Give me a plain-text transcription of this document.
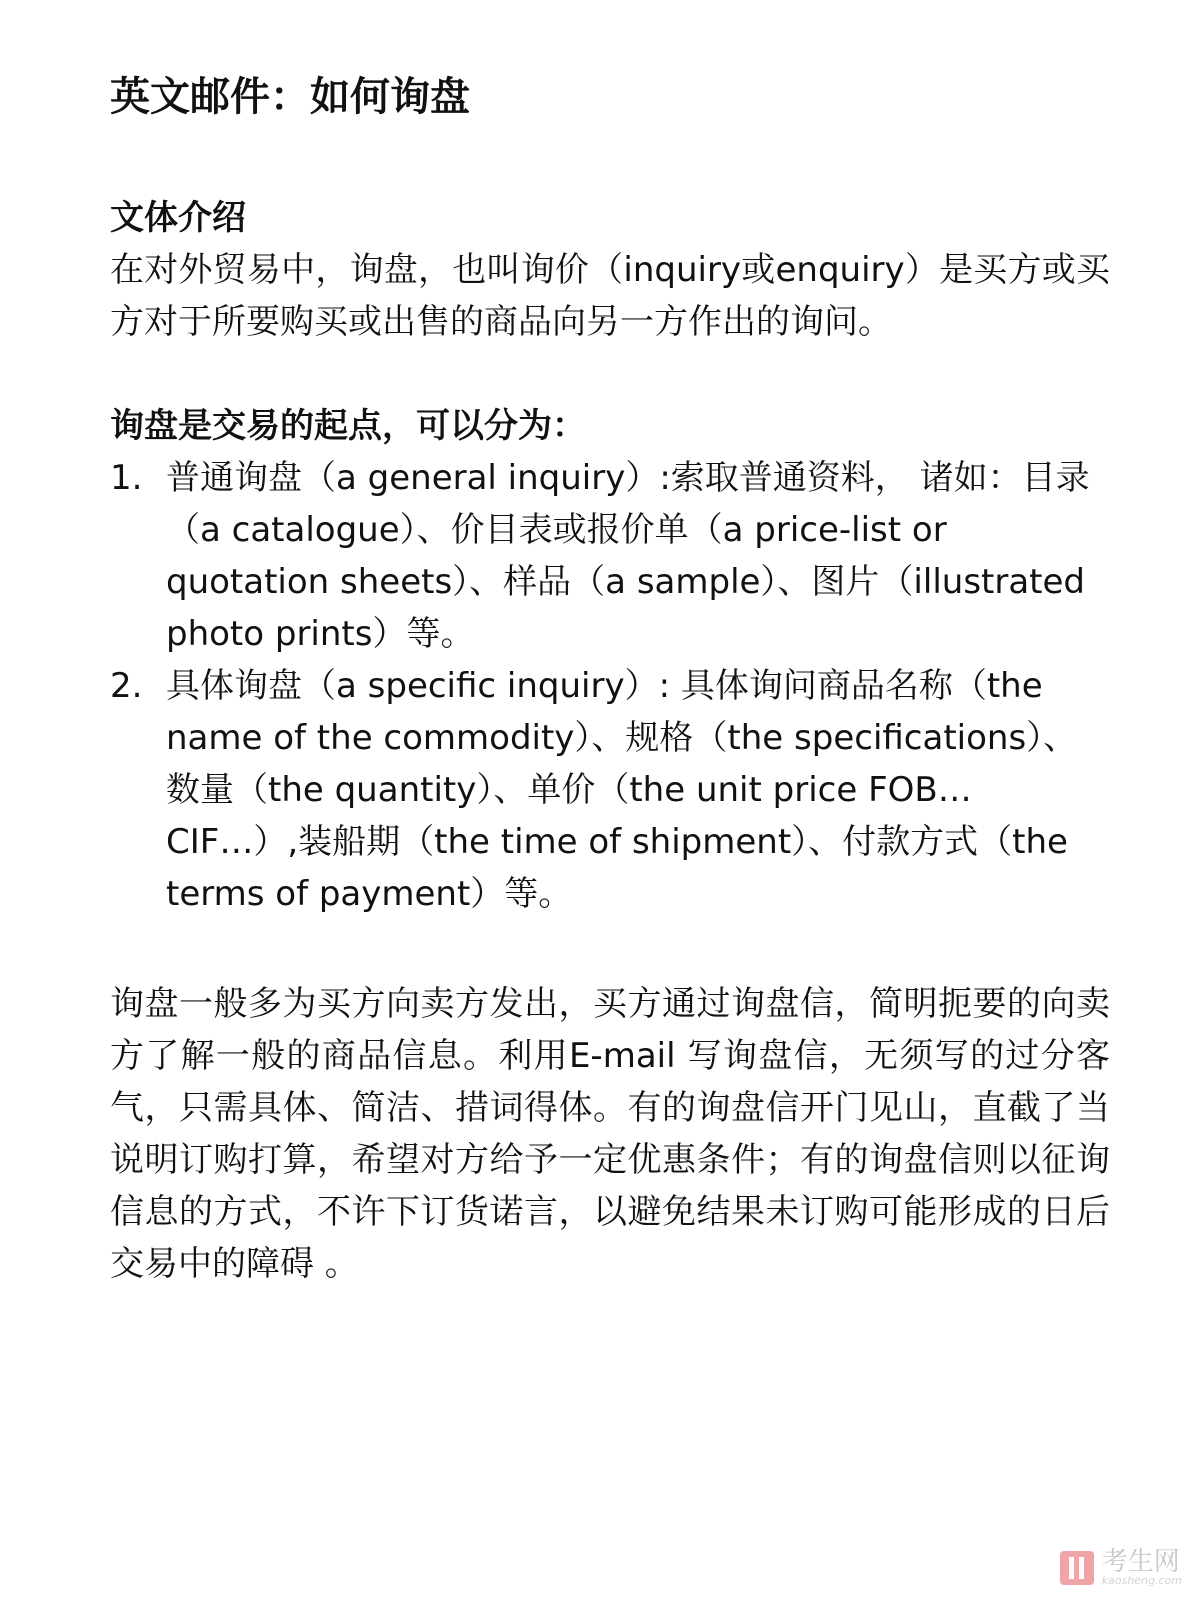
英文邮件：如何询盘
文体介绍

在对外贸易中，询盘，也叫询价（inquiry或enquiry）是买方或买方对于所要购买或出售的商品向另一方作出的询问。

询盘是交易的起点，可以分为：
1. 普通询盘（a general inquiry）:索取普通资料， 诸如：目录（a catalogue）、价目表或报价单（a price-list or quotation sheets）、样品（a sample）、图片（illustrated photo prints）等。
2. 具体询盘（a specific inquiry）: 具体询问商品名称（the name of the commodity）、规格（the specifications）、数量（the quantity）、单价（the unit price FOB… CIF…）,装船期（the time of shipment）、付款方式（the terms of payment）等。

询盘一般多为买方向卖方发出，买方通过询盘信，简明扼要的向卖方了解一般的商品信息。利用E-mail 写询盘信，无须写的过分客气，只需具体、简洁、措词得体。有的询盘信开门见山，直截了当说明订购打算，希望对方给予一定优惠条件；有的询盘信则以征询信息的方式，不许下订货诺言，以避免结果未订购可能形成的日后交易中的障碍 。

考生网
kaosheng.com
